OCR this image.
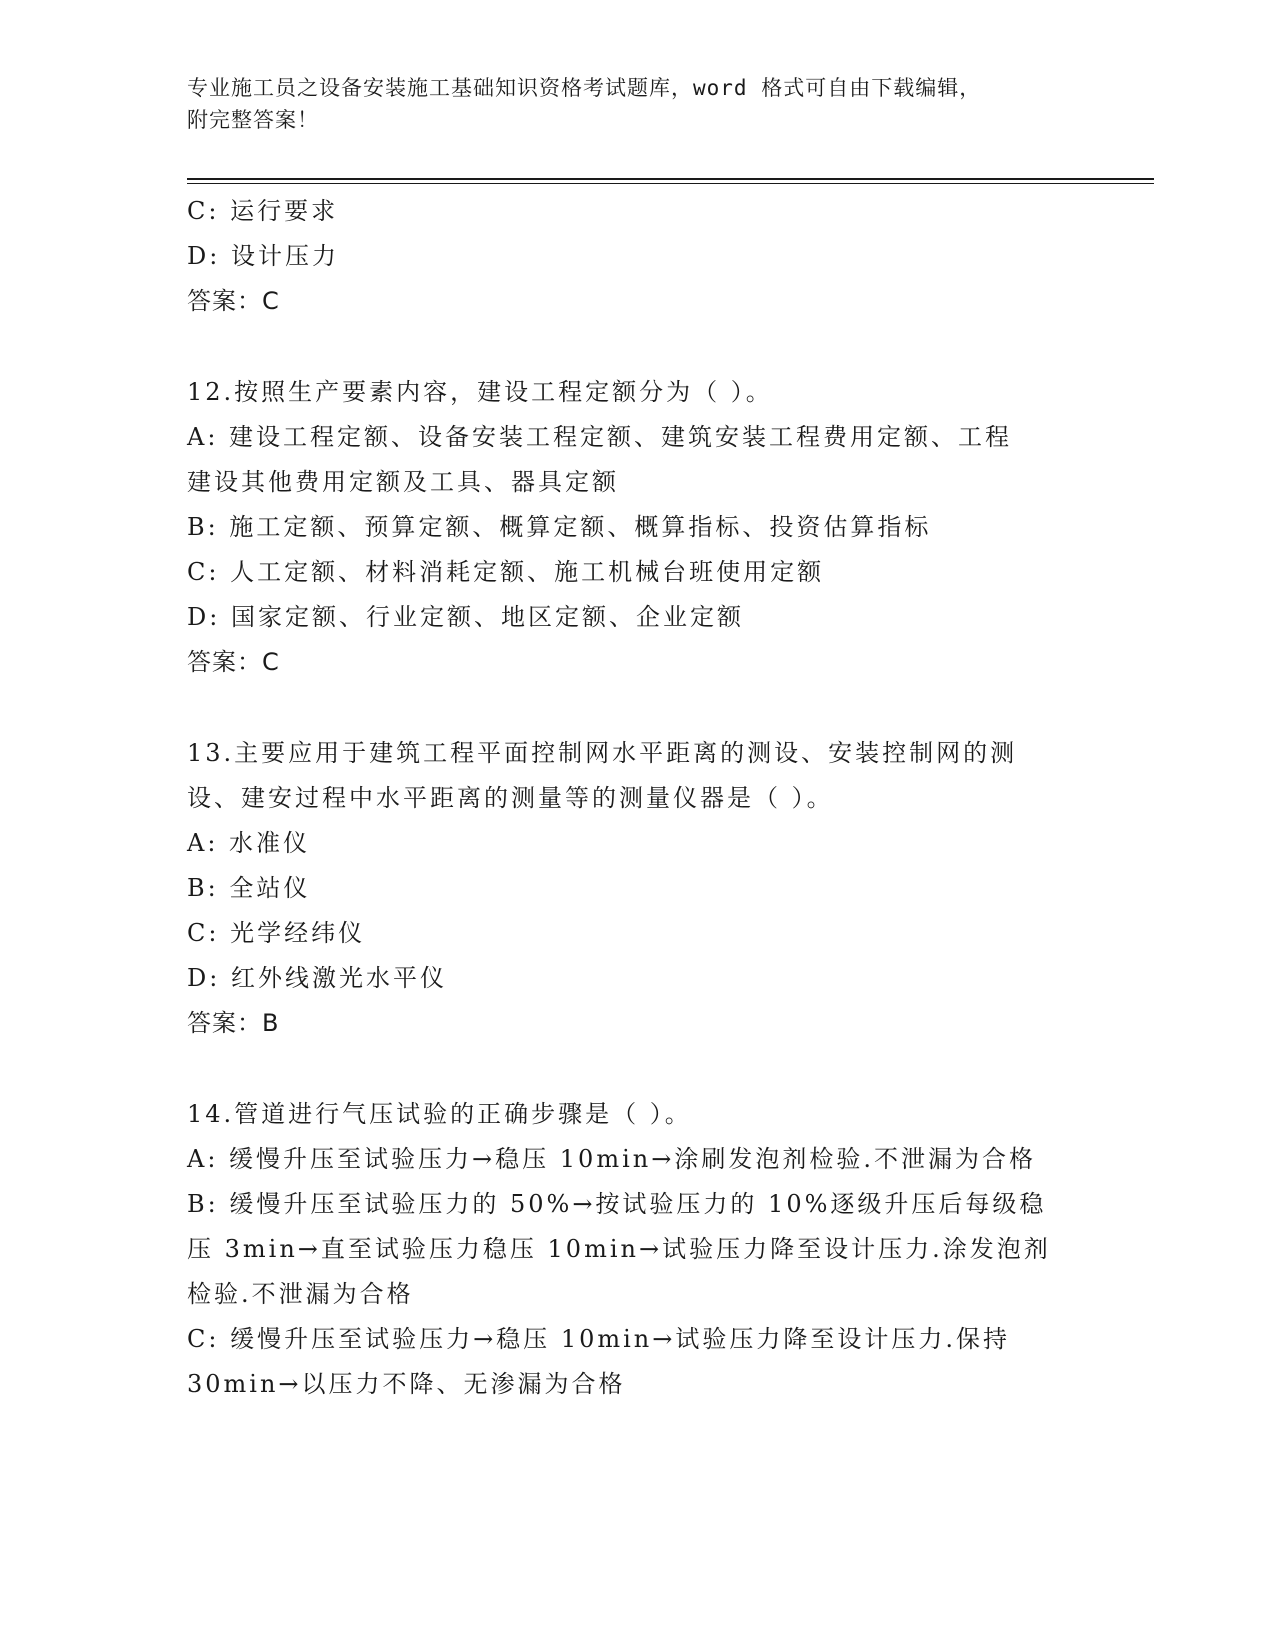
专业施工员之设备安装施工基础知识资格考试题库，word 格式可自由下载编辑，
附完整答案！
C: 运行要求
D: 设计压力
答案：C
12.按照生产要素内容，建设工程定额分为（ ）。
A: 建设工程定额、设备安装工程定额、建筑安装工程费用定额、工程
建设其他费用定额及工具、器具定额
B: 施工定额、预算定额、概算定额、概算指标、投资估算指标
C: 人工定额、材料消耗定额、施工机械台班使用定额
D: 国家定额、行业定额、地区定额、企业定额
答案：C
13.主要应用于建筑工程平面控制网水平距离的测设、安装控制网的测
设、建安过程中水平距离的测量等的测量仪器是（ ）。
A: 水准仪
B: 全站仪
C: 光学经纬仪
D: 红外线激光水平仪
答案：B
14.管道进行气压试验的正确步骤是（ ）。
A: 缓慢升压至试验压力→稳压 10min→涂刷发泡剂检验.不泄漏为合格
B: 缓慢升压至试验压力的 50%→按试验压力的 10%逐级升压后每级稳
压 3min→直至试验压力稳压 10min→试验压力降至设计压力.涂发泡剂
检验.不泄漏为合格
C: 缓慢升压至试验压力→稳压 10min→试验压力降至设计压力.保持
30min→以压力不降、无渗漏为合格
